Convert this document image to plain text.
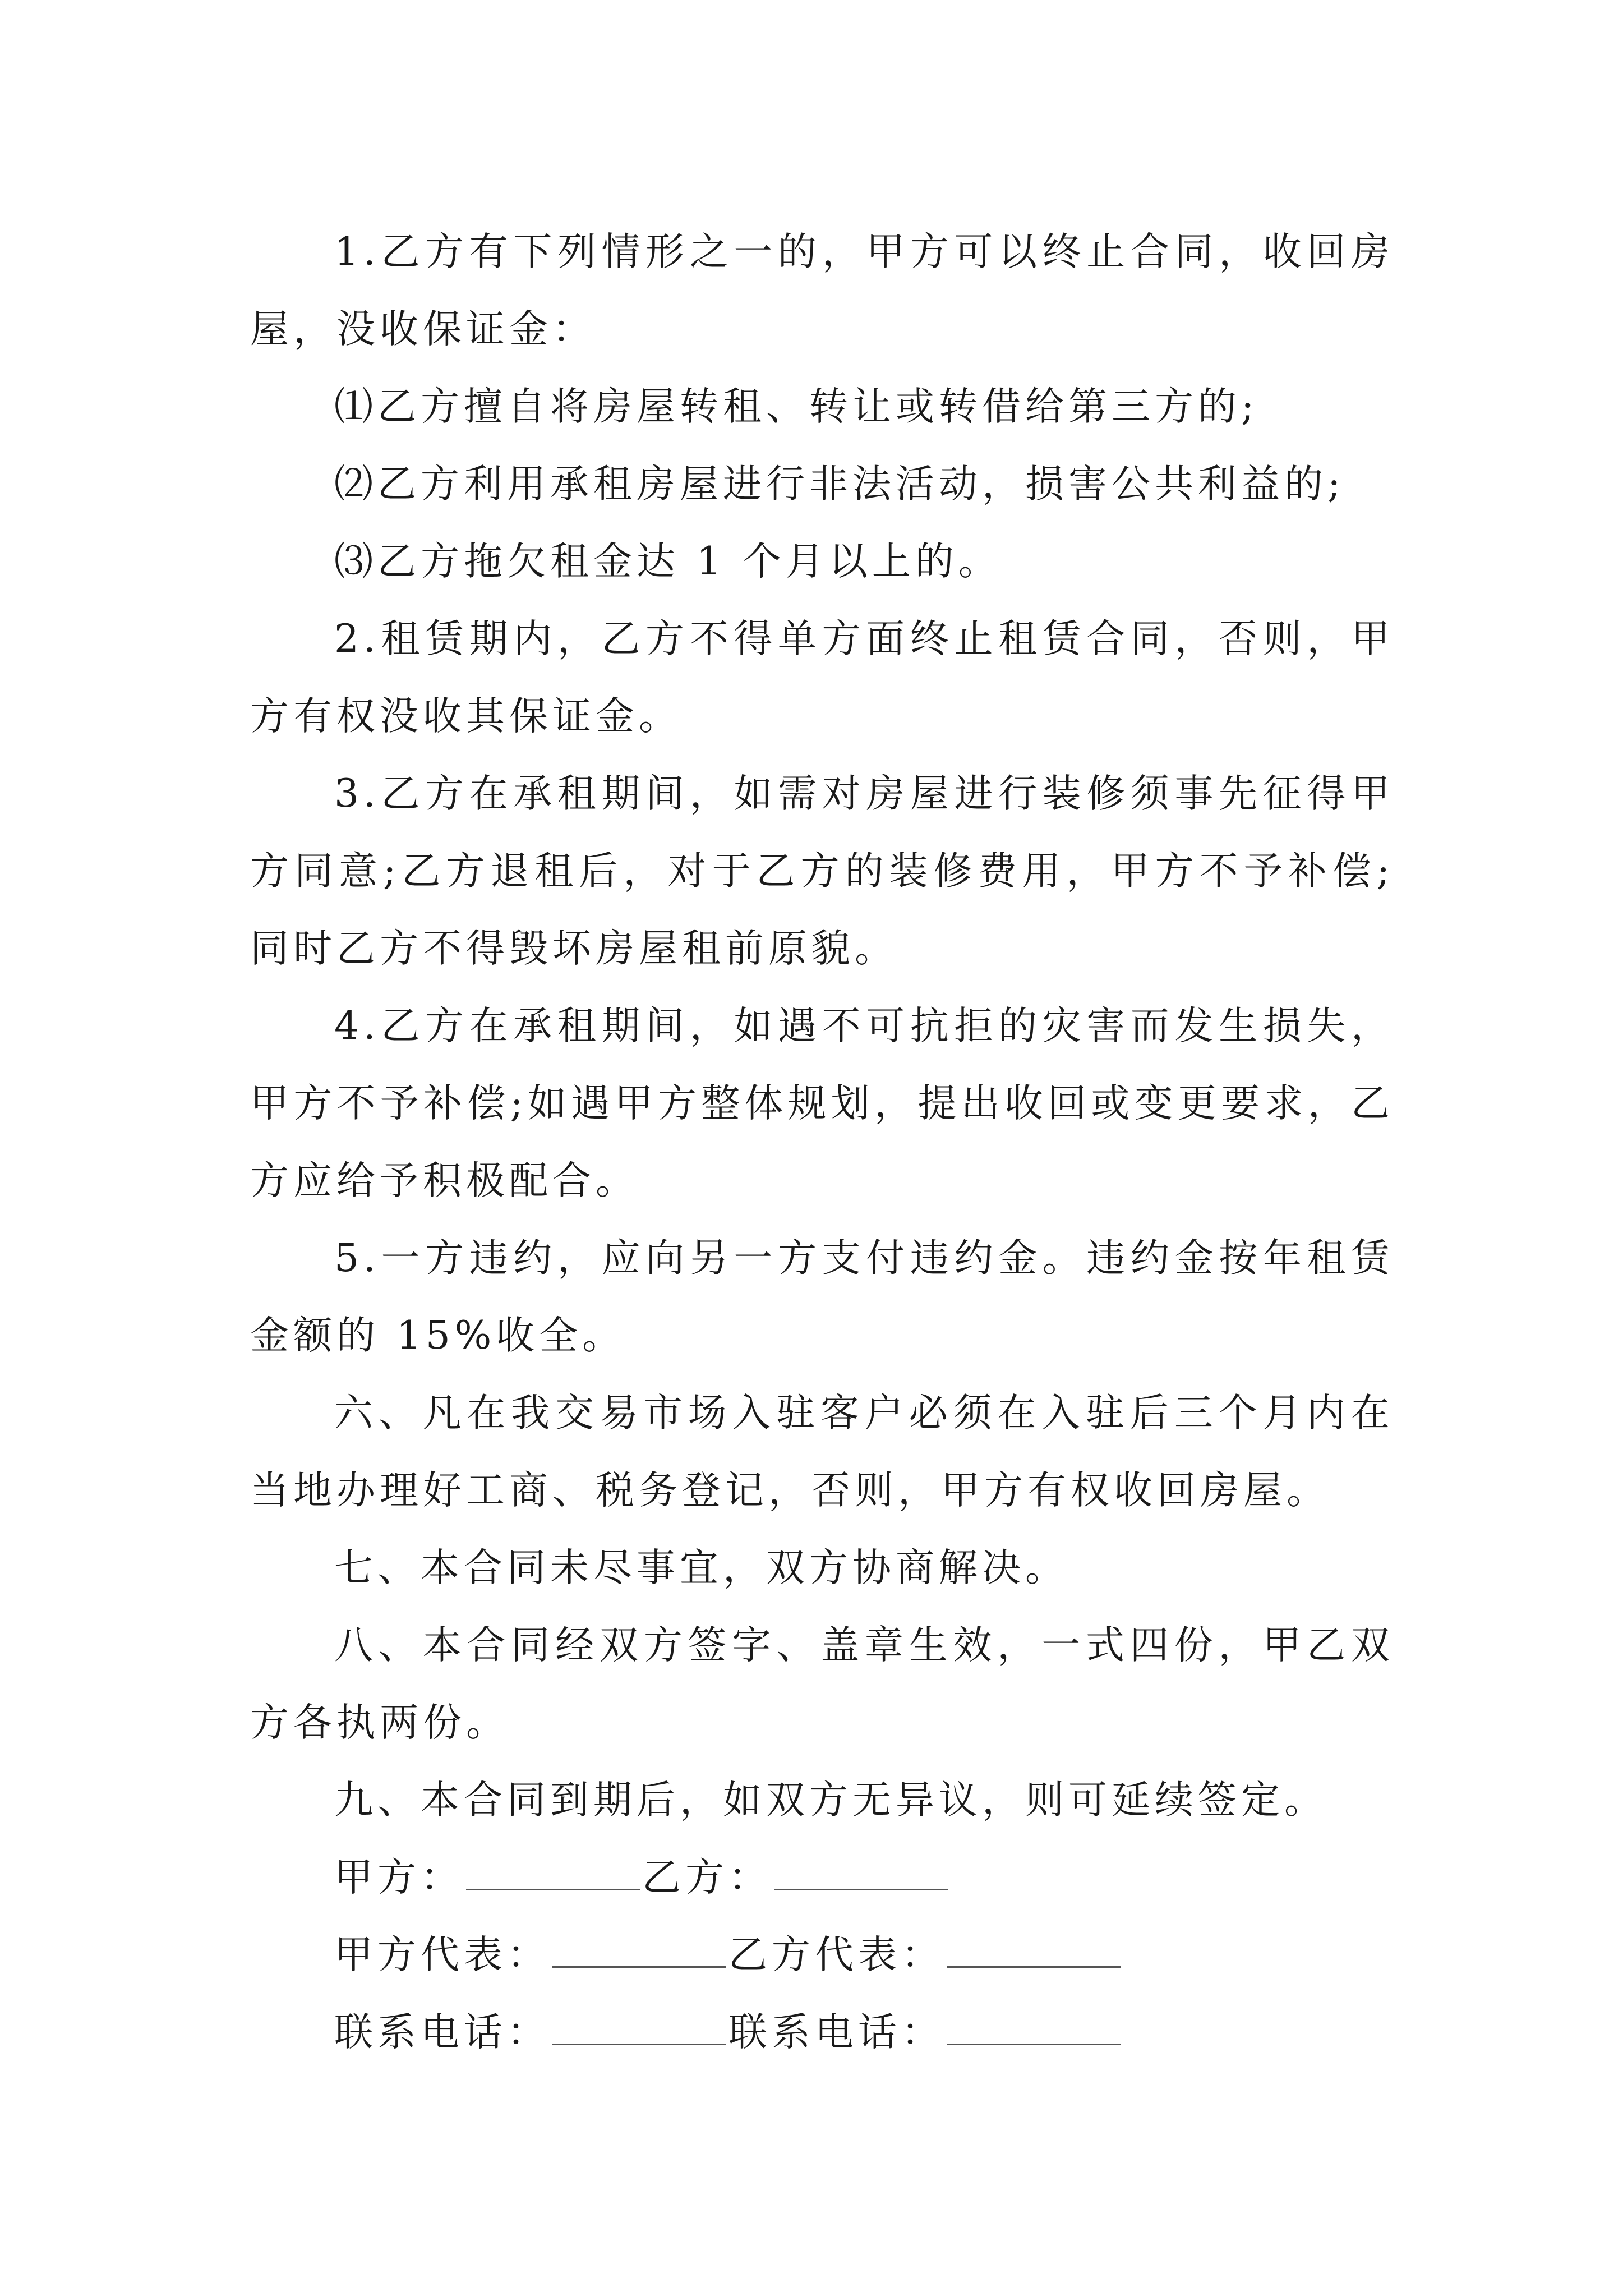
1.乙方有下列情形之一的，甲方可以终止合同，收回房屋，没收保证金：

⑴乙方擅自将房屋转租、转让或转借给第三方的;

⑵乙方利用承租房屋进行非法活动，损害公共利益的;

⑶乙方拖欠租金达 1 个月以上的。

2.租赁期内，乙方不得单方面终止租赁合同，否则，甲方有权没收其保证金。

3.乙方在承租期间，如需对房屋进行装修须事先征得甲方同意;乙方退租后，对于乙方的装修费用，甲方不予补偿;同时乙方不得毁坏房屋租前原貌。

4.乙方在承租期间，如遇不可抗拒的灾害而发生损失，甲方不予补偿;如遇甲方整体规划，提出收回或变更要求，乙方应给予积极配合。

5.一方违约，应向另一方支付违约金。违约金按年租赁金额的 15%收全。

六、凡在我交易市场入驻客户必须在入驻后三个月内在当地办理好工商、税务登记，否则，甲方有权收回房屋。

七、本合同未尽事宜，双方协商解决。

八、本合同经双方签字、盖章生效，一式四份，甲乙双方各执两份。

九、本合同到期后，如双方无异议，则可延续签定。

甲方：	乙方：

甲方代表：	乙方代表：

联系电话：	联系电话：
